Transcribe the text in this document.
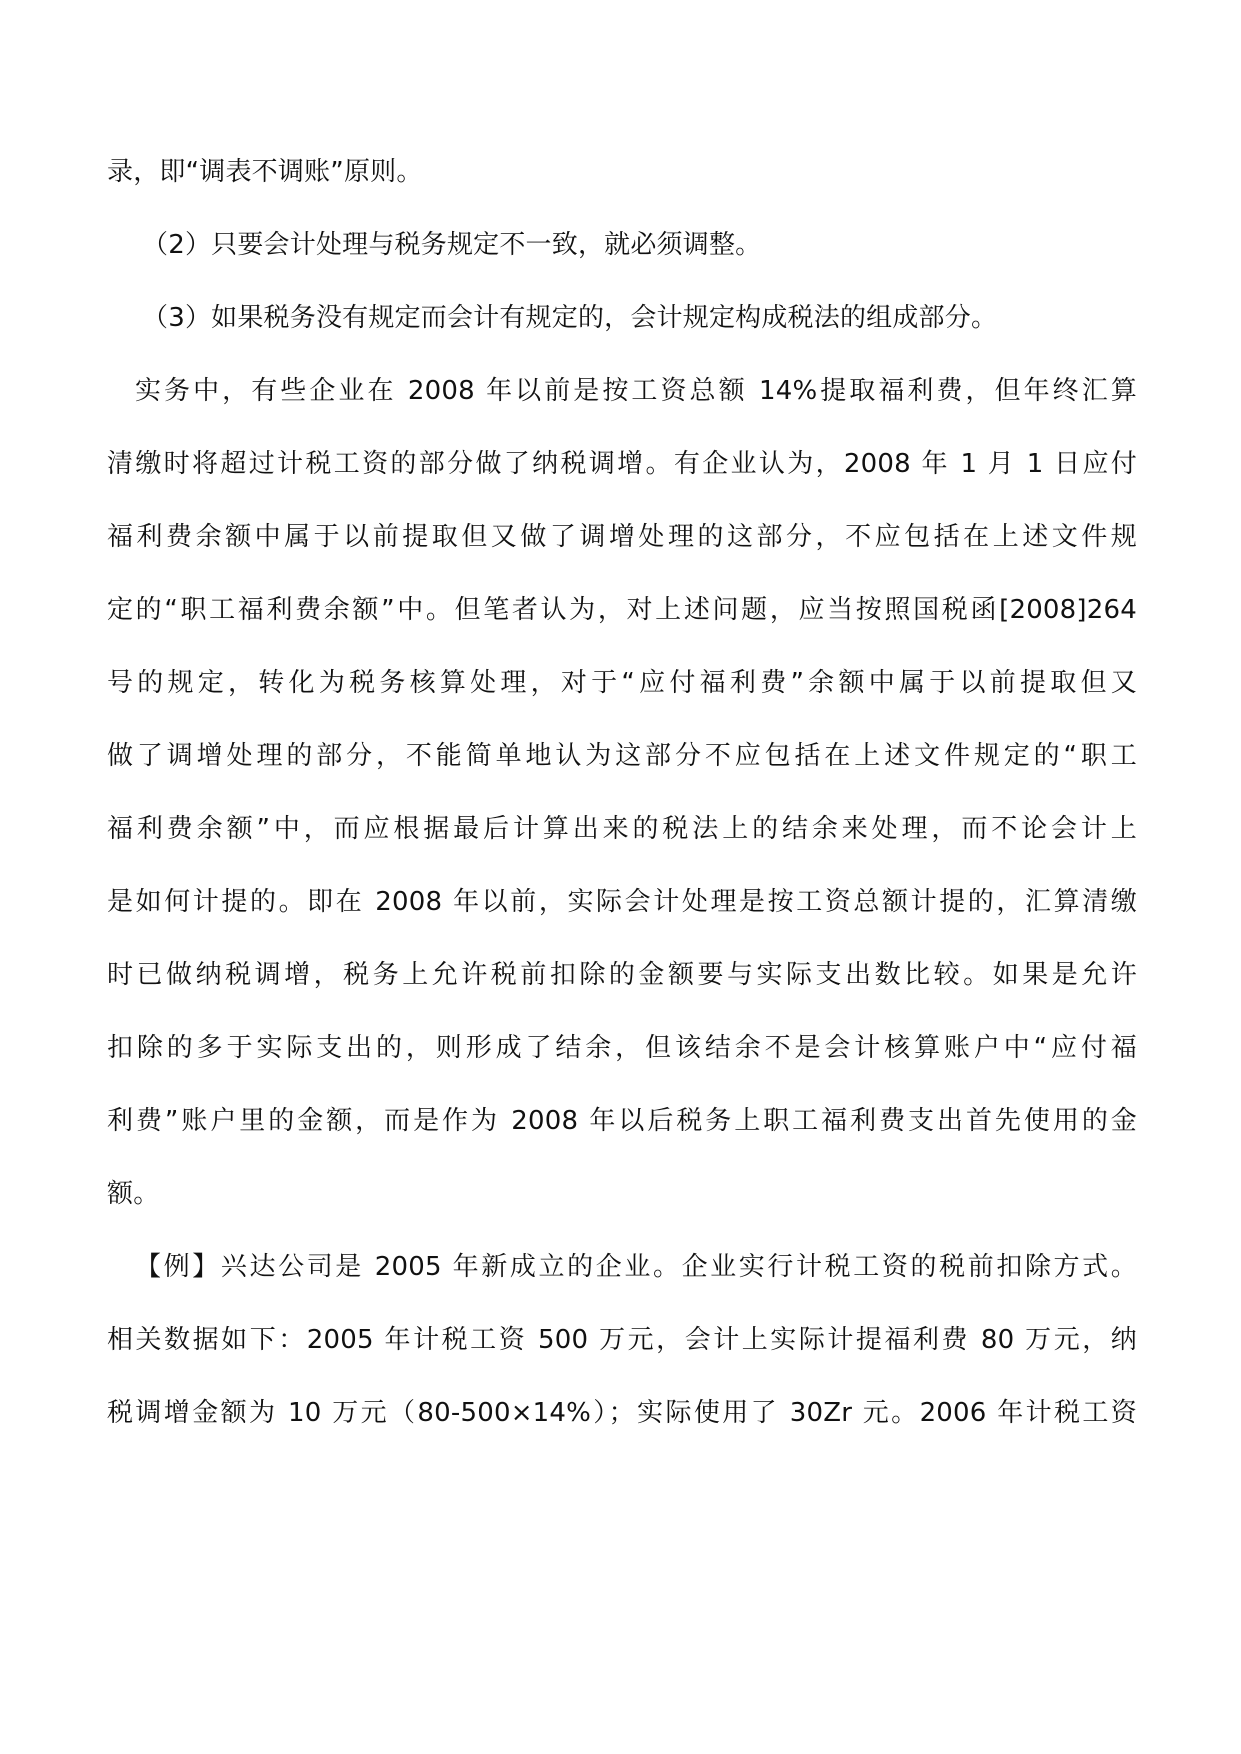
录，即“调表不调账”原则。
（2）只要会计处理与税务规定不一致，就必须调整。
（3）如果税务没有规定而会计有规定的，会计规定构成税法的组成部分。
实务中，有些企业在 2008 年以前是按工资总额 14%提取福利费，但年终汇算
清缴时将超过计税工资的部分做了纳税调增。有企业认为，2008 年 1 月 1 日应付
福利费余额中属于以前提取但又做了调增处理的这部分，不应包括在上述文件规
定的“职工福利费余额”中。但笔者认为，对上述问题，应当按照国税函[2008]264
号的规定，转化为税务核算处理，对于“应付福利费”余额中属于以前提取但又
做了调增处理的部分，不能简单地认为这部分不应包括在上述文件规定的“职工
福利费余额”中，而应根据最后计算出来的税法上的结余来处理，而不论会计上
是如何计提的。即在 2008 年以前，实际会计处理是按工资总额计提的，汇算清缴
时已做纳税调增，税务上允许税前扣除的金额要与实际支出数比较。如果是允许
扣除的多于实际支出的，则形成了结余，但该结余不是会计核算账户中“应付福
利费”账户里的金额，而是作为 2008 年以后税务上职工福利费支出首先使用的金
额。
【例】兴达公司是 2005 年新成立的企业。企业实行计税工资的税前扣除方式。
相关数据如下：2005 年计税工资 500 万元，会计上实际计提福利费 80 万元，纳
税调增金额为 10 万元（80-500×14%）；实际使用了 30Zr 元。2006 年计税工资
